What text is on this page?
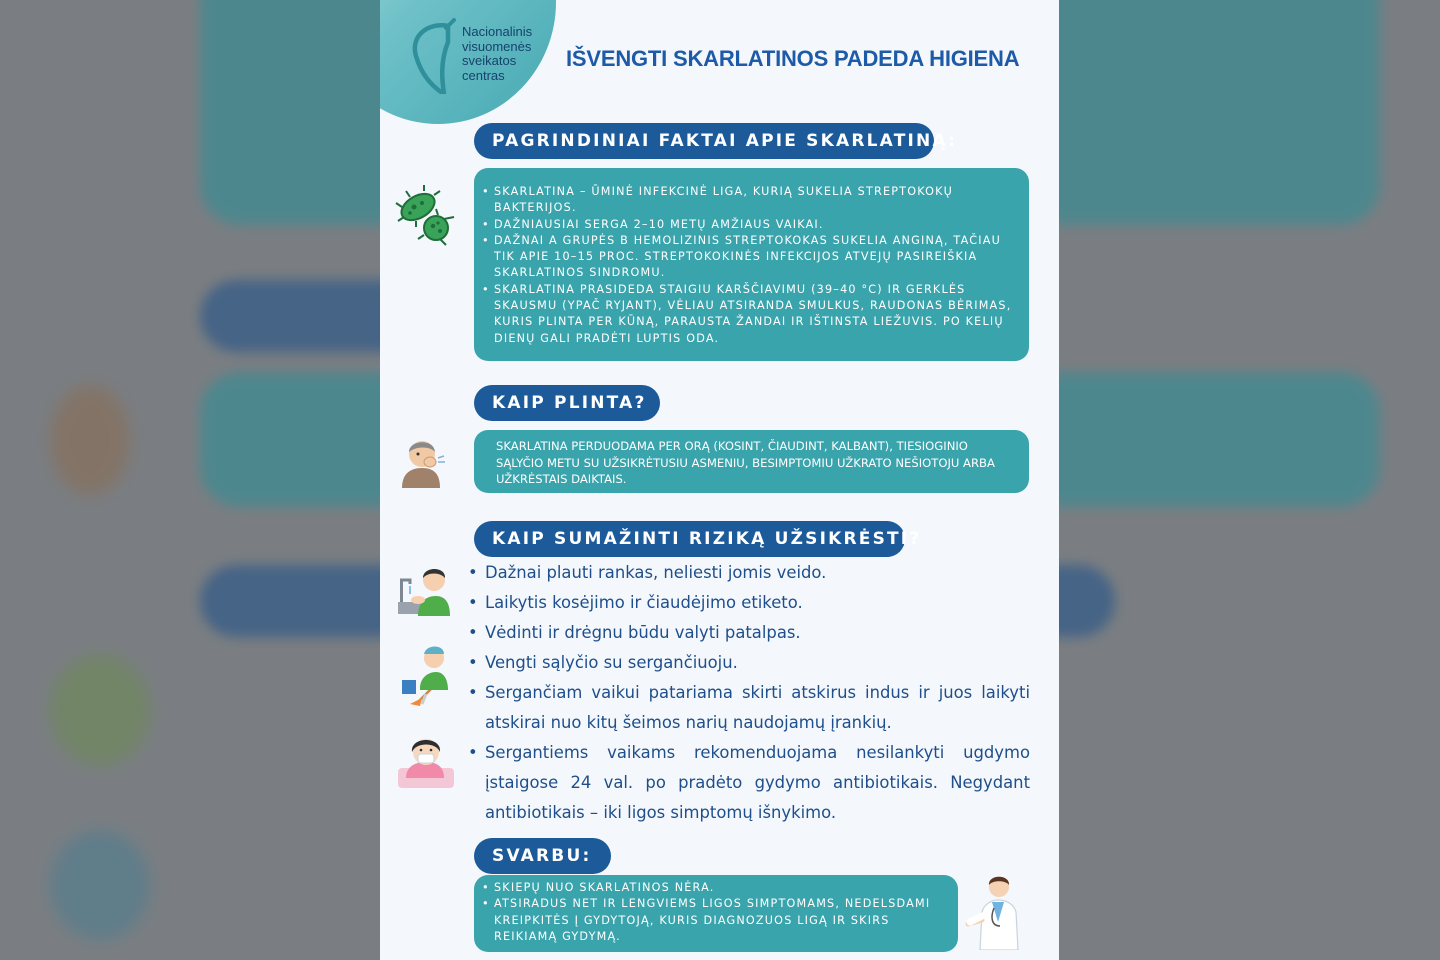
Nacionalinis
visuomenės
sveikatos
centras
IŠVENGTI SKARLATINOS PADEDA HIGIENA
PAGRINDINIAI FAKTAI APIE SKARLATINĄ:
• SKARLATINA – ŪMINĖ INFEKCINĖ LIGA, KURIĄ SUKELIA STREPTOKOKŲ BAKTERIJOS.
• DAŽNIAUSIAI SERGA 2–10 METŲ AMŽIAUS VAIKAI.
• DAŽNAI A GRUPĖS B HEMOLIZINIS STREPTOKOKAS SUKELIA ANGINĄ, TAČIAU TIK APIE 10–15 PROC. STREPTOKOKINĖS INFEKCIJOS ATVEJŲ PASIREIŠKIA SKARLATINOS SINDROMU.
• SKARLATINA PRASIDEDA STAIGIU KARŠČIAVIMU (39–40 °C) IR GERKLĖS SKAUSMU (YPAČ RYJANT), VĖLIAU ATSIRANDA SMULKUS, RAUDONAS BĖRIMAS, KURIS PLINTA PER KŪNĄ, PARAUSTA ŽANDAI IR IŠTINSTA LIEŽUVIS. PO KELIŲ DIENŲ GALI PRADĖTI LUPTIS ODA.
KAIP PLINTA?
SKARLATINA PERDUODAMA PER ORĄ (KOSINT, ČIAUDINT, KALBANT), TIESIOGINIO SĄLYČIO METU SU UŽSIKRĖTUSIU ASMENIU, BESIMPTOMIU UŽKRATO NEŠIOTOJU ARBA UŽKRĖSTAIS DAIKTAIS.
KAIP SUMAŽINTI RIZIKĄ UŽSIKRĖSTI?
• Dažnai plauti rankas, neliesti jomis veido.
• Laikytis kosėjimo ir čiaudėjimo etiketo.
• Vėdinti ir drėgnu būdu valyti patalpas.
• Vengti sąlyčio su sergančiuoju.
• Sergančiam vaikui patariama skirti atskirus indus ir juos laikyti atskirai nuo kitų šeimos narių naudojamų įrankių.
• Sergantiems vaikams rekomenduojama nesilankyti ugdymo įstaigose 24 val. po pradėto gydymo antibiotikais. Negydant antibiotikais – iki ligos simptomų išnykimo.
SVARBU:
• SKIEPŲ NUO SKARLATINOS NĖRA.
• ATSIRADUS NET IR LENGVIEMS LIGOS SIMPTOMAMS, NEDELSDAMI KREIPKITĖS Į GYDYTOJĄ, KURIS DIAGNOZUOS LIGĄ IR SKIRS REIKIAMĄ GYDYMĄ.
